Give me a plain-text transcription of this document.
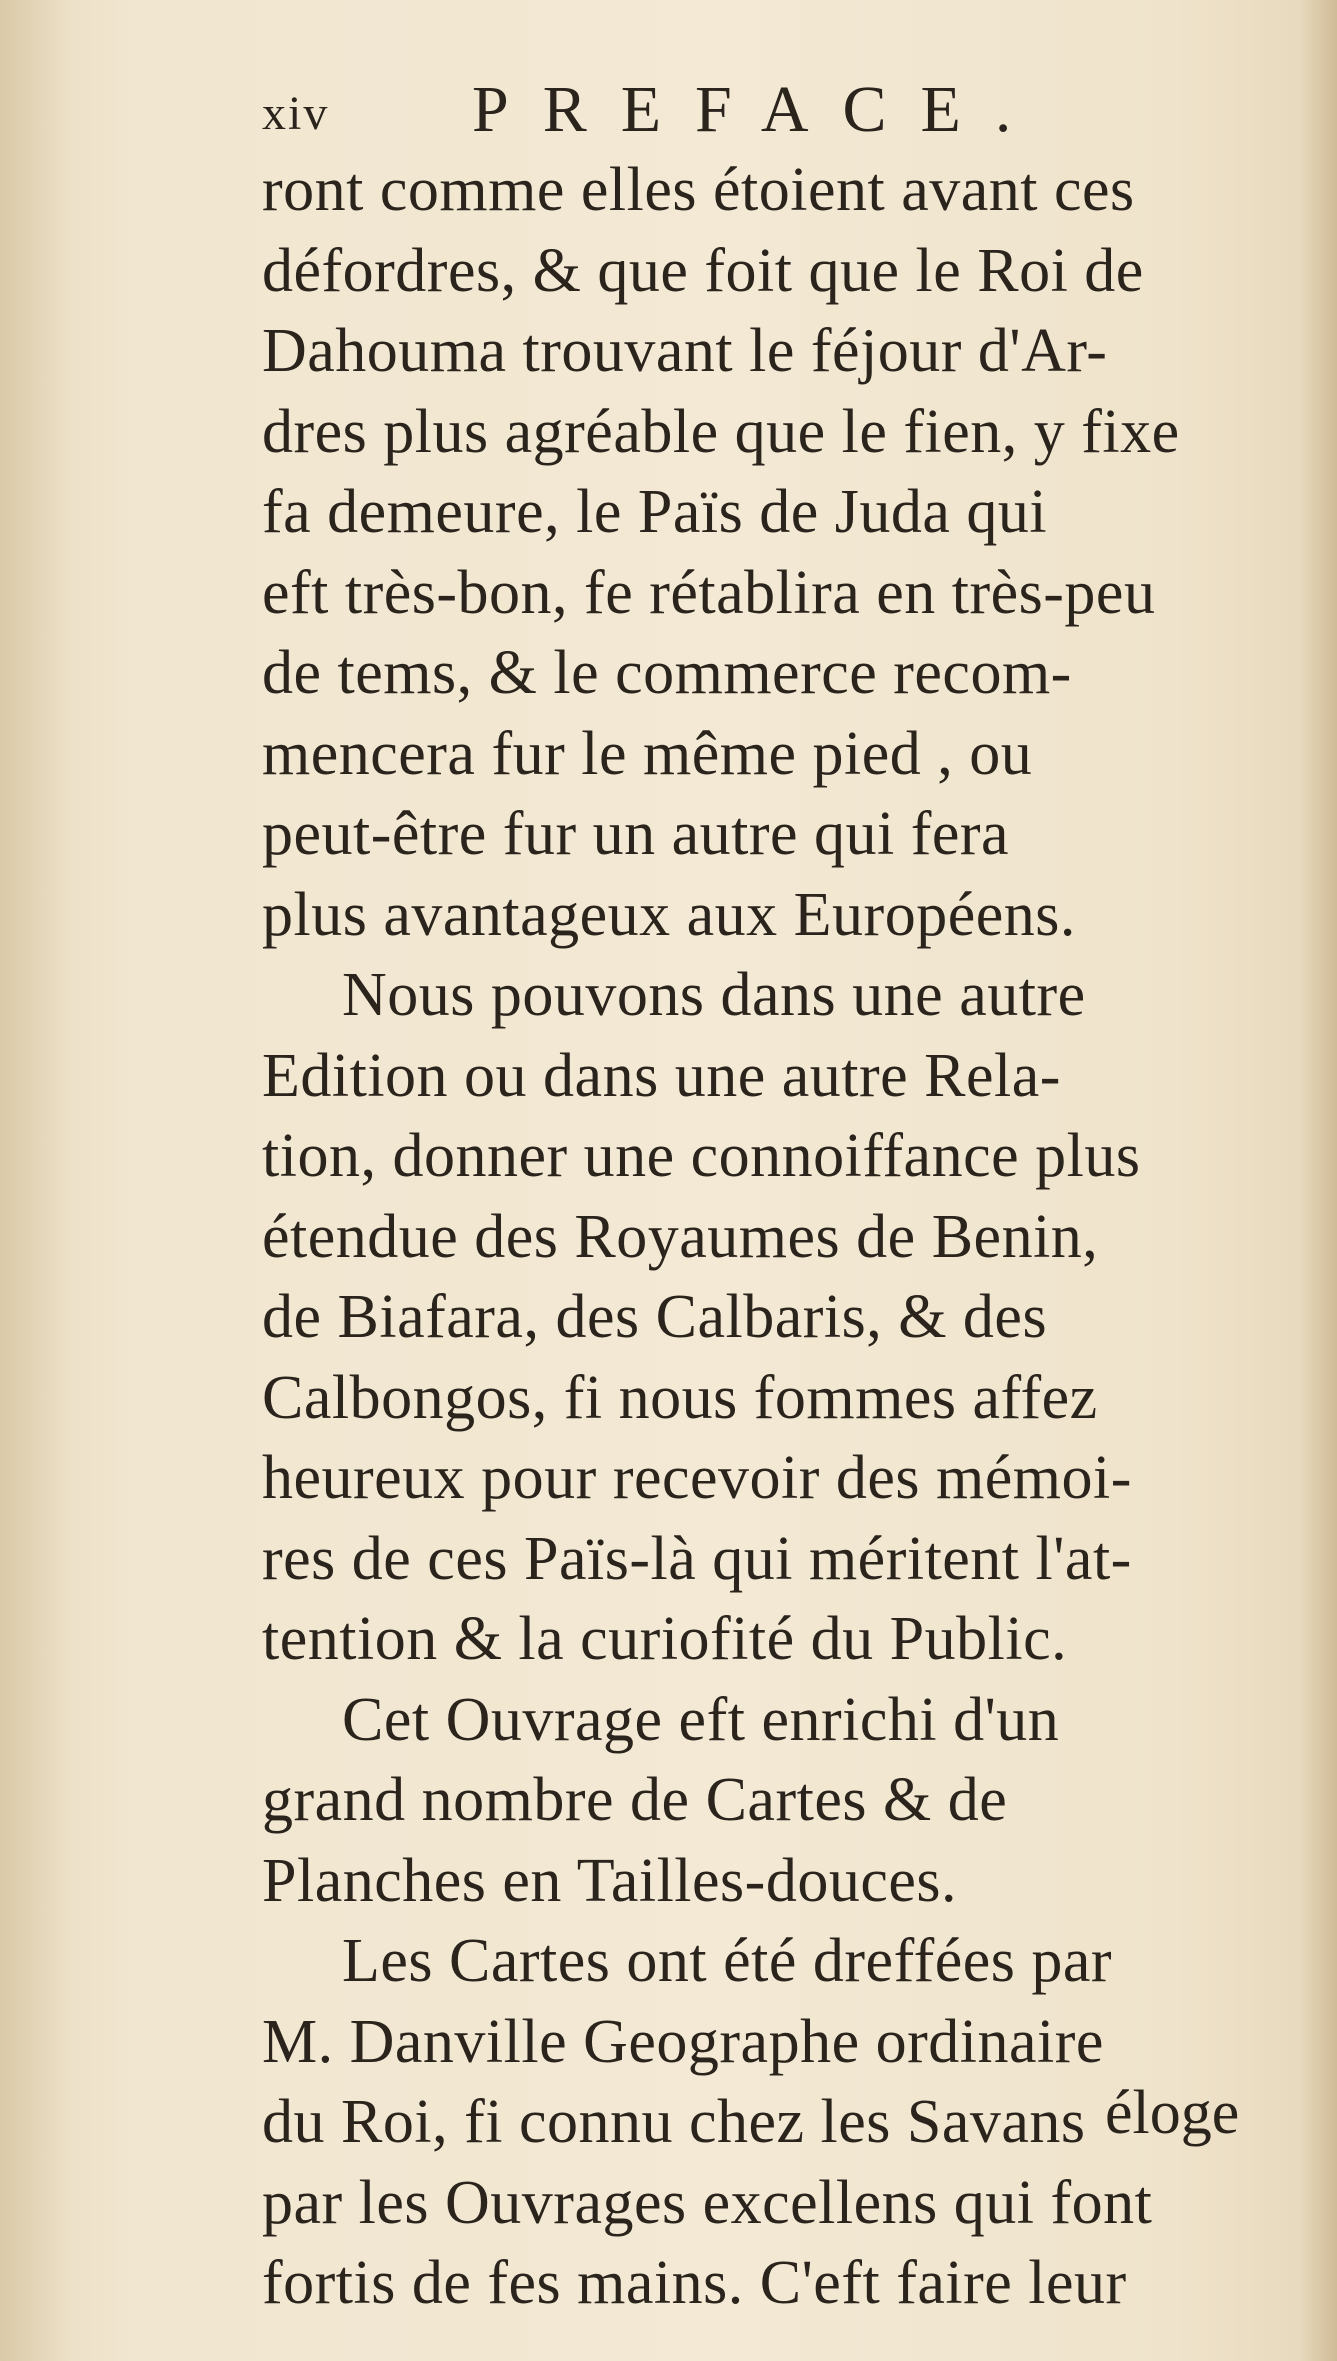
xiv PREFACE.
ront comme elles étoient avant ces
défordres, & que foit que le Roi de
Dahouma trouvant le féjour d'Ar-
dres plus agréable que le fien, y fixe
fa demeure, le Païs de Juda qui
eft très-bon, fe rétablira en très-peu
de tems, & le commerce recom-
mencera fur le même pied , ou
peut-être fur un autre qui fera
plus avantageux aux Européens.
Nous pouvons dans une autre
Edition ou dans une autre Rela-
tion, donner une connoiffance plus
étendue des Royaumes de Benin,
de Biafara, des Calbaris, & des
Calbongos, fi nous fommes affez
heureux pour recevoir des mémoi-
res de ces Païs-là qui méritent l'at-
tention & la curiofité du Public.
Cet Ouvrage eft enrichi d'un
grand nombre de Cartes & de
Planches en Tailles-douces.
Les Cartes ont été dreffées par
M. Danville Geographe ordinaire
du Roi, fi connu chez les Savans
par les Ouvrages excellens qui font
fortis de fes mains. C'eft faire leur
éloge
